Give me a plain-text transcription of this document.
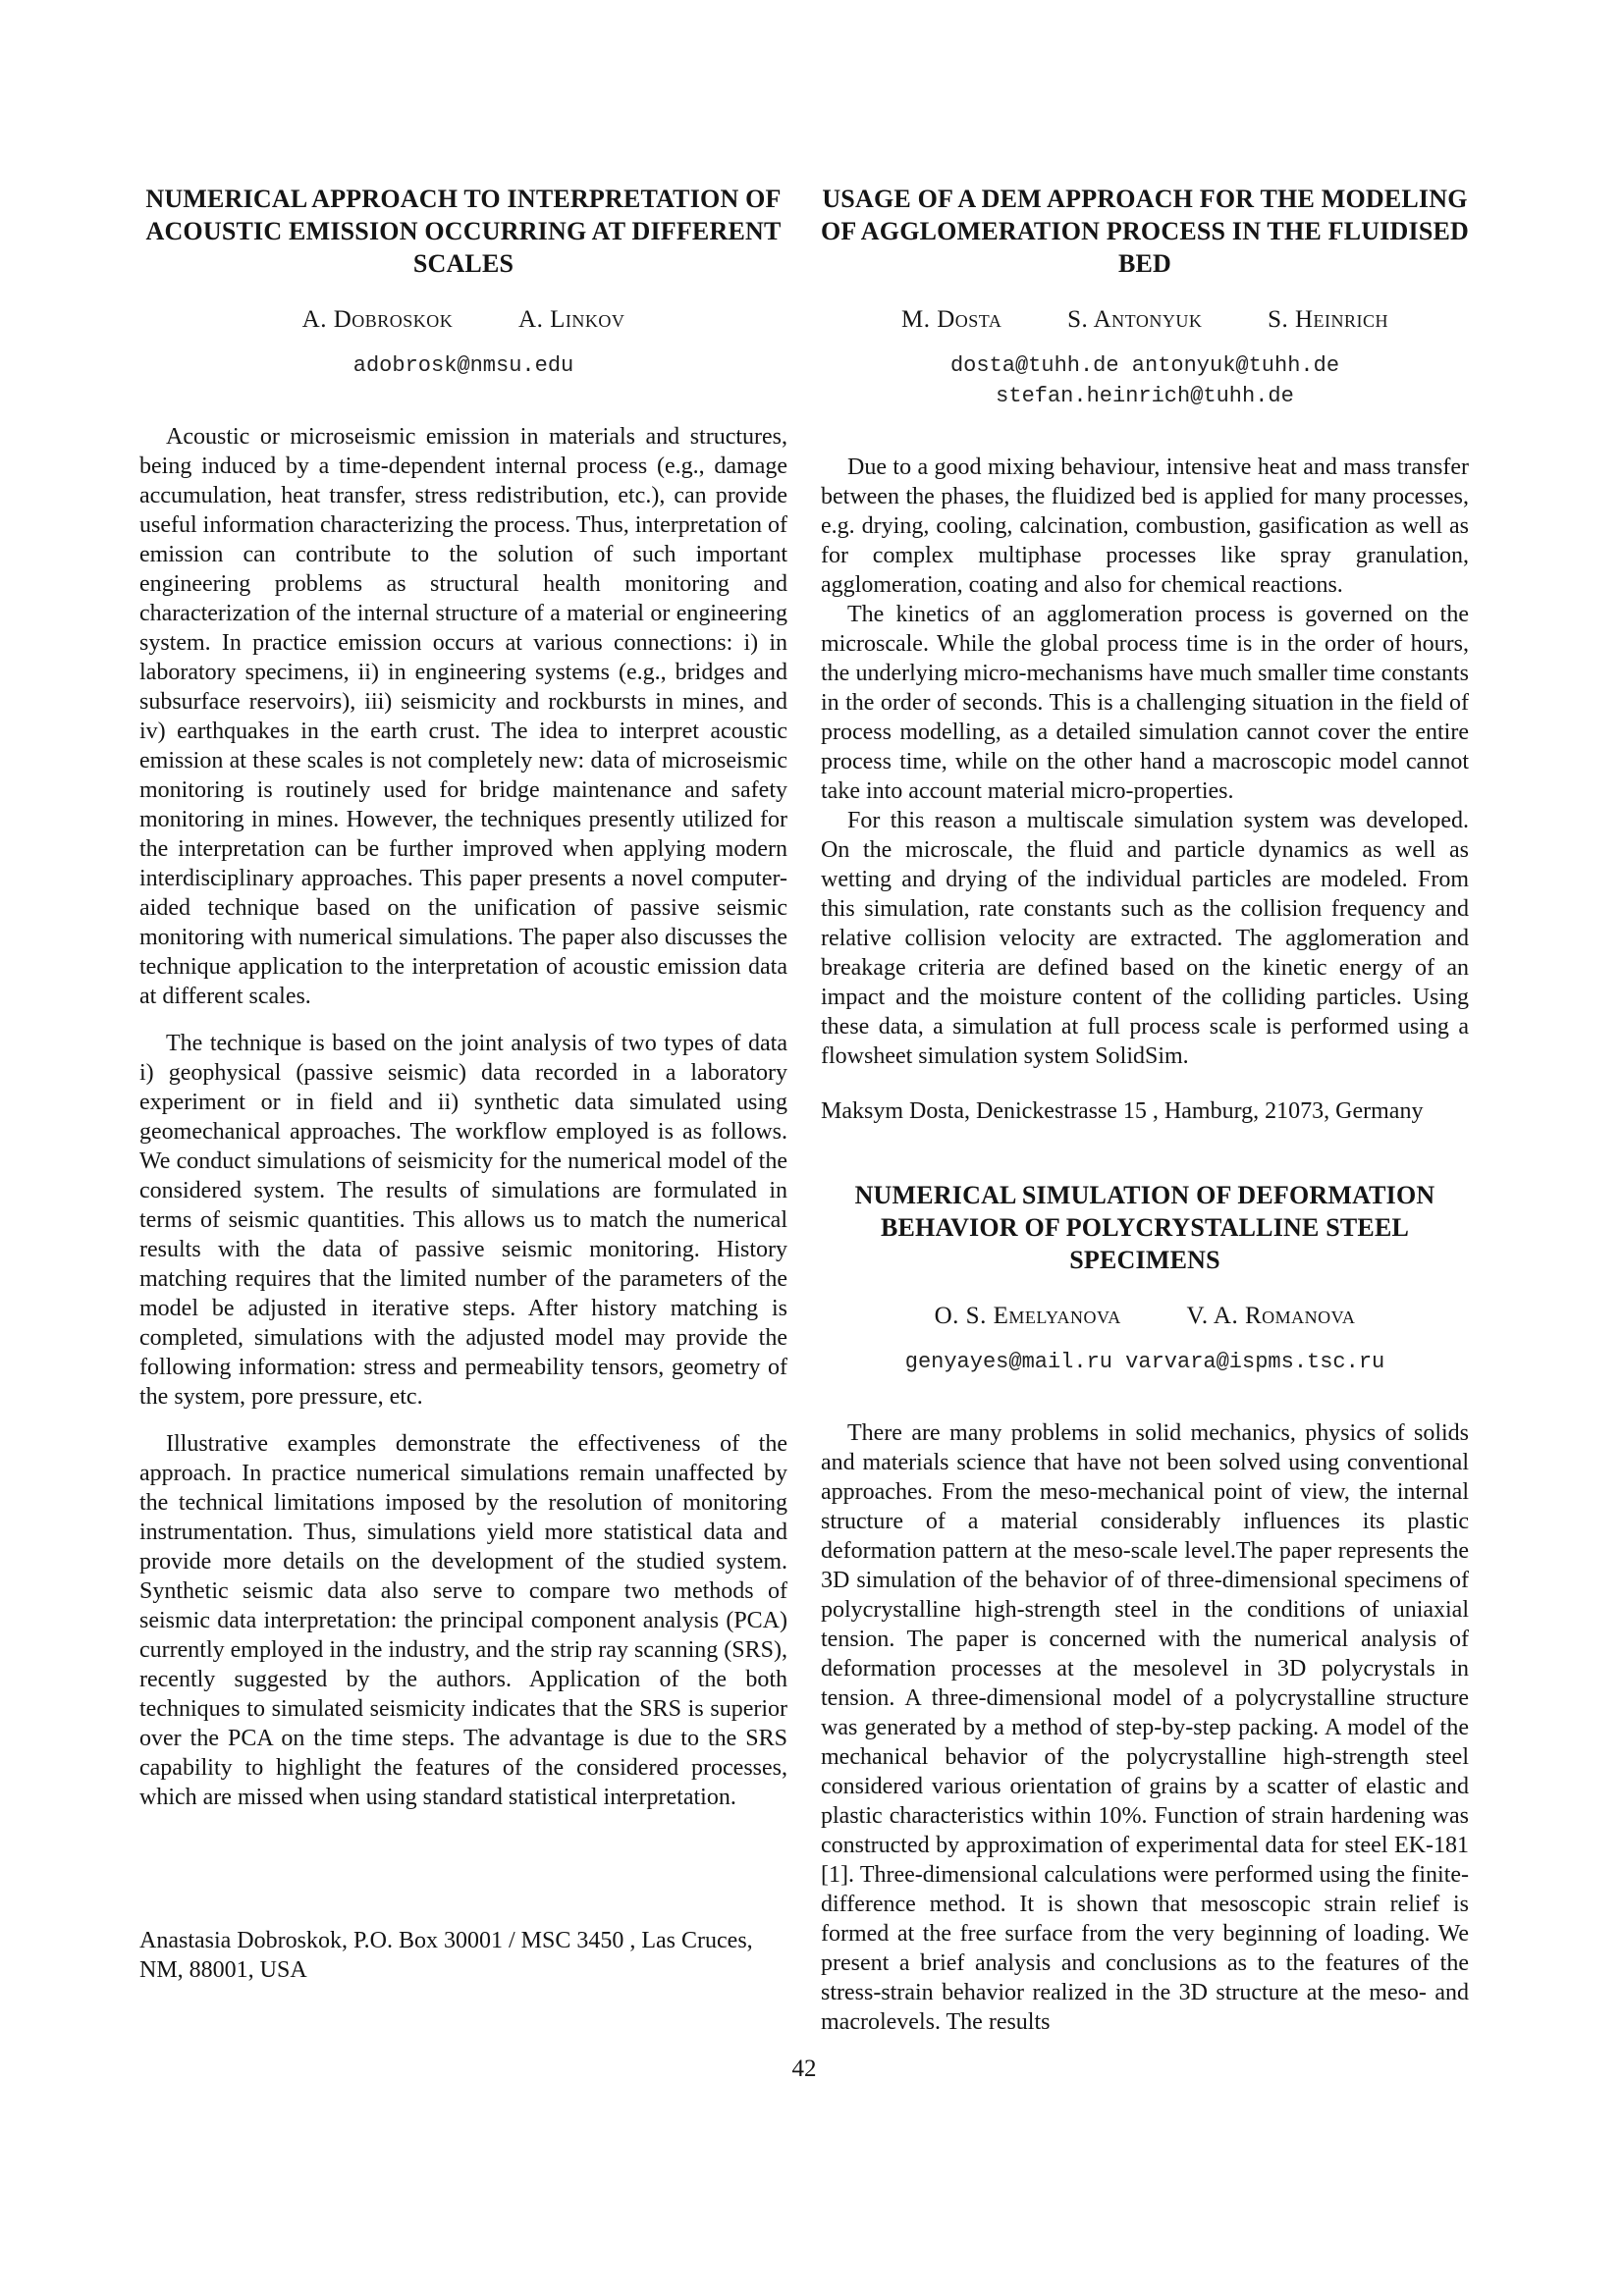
NUMERICAL APPROACH TO INTERPRETATION OF ACOUSTIC EMISSION OCCURRING AT DIFFERENT SCALES
A. Dobroskok	A. Linkov
adobrosk@nmsu.edu

Acoustic or microseismic emission in materials and structures, being induced by a time-dependent internal process (e.g., damage accumulation, heat transfer, stress redistribution, etc.), can provide useful information characterizing the process. Thus, interpretation of emission can contribute to the solution of such important engineering problems as structural health monitoring and characterization of the internal structure of a material or engineering system. In practice emission occurs at various connections: i) in laboratory specimens, ii) in engineering systems (e.g., bridges and subsurface reservoirs), iii) seismicity and rockbursts in mines, and iv) earthquakes in the earth crust. The idea to interpret acoustic emission at these scales is not completely new: data of microseismic monitoring is routinely used for bridge maintenance and safety monitoring in mines. However, the techniques presently utilized for the interpretation can be further improved when applying modern interdisciplinary approaches. This paper presents a novel computer-aided technique based on the unification of passive seismic monitoring with numerical simulations. The paper also discusses the technique application to the interpretation of acoustic emission data at different scales.

The technique is based on the joint analysis of two types of data i) geophysical (passive seismic) data recorded in a laboratory experiment or in field and ii) synthetic data simulated using geomechanical approaches. The workflow employed is as follows. We conduct simulations of seismicity for the numerical model of the considered system. The results of simulations are formulated in terms of seismic quantities. This allows us to match the numerical results with the data of passive seismic monitoring. History matching requires that the limited number of the parameters of the model be adjusted in iterative steps. After history matching is completed, simulations with the adjusted model may provide the following information: stress and permeability tensors, geometry of the system, pore pressure, etc.

Illustrative examples demonstrate the effectiveness of the approach. In practice numerical simulations remain unaffected by the technical limitations imposed by the resolution of monitoring instrumentation. Thus, simulations yield more statistical data and provide more details on the development of the studied system. Synthetic seismic data also serve to compare two methods of seismic data interpretation: the principal component analysis (PCA) currently employed in the industry, and the strip ray scanning (SRS), recently suggested by the authors. Application of the both techniques to simulated seismicity indicates that the SRS is superior over the PCA on the time steps. The advantage is due to the SRS capability to highlight the features of the considered processes, which are missed when using standard statistical interpretation.

Anastasia Dobroskok, P.O. Box 30001 / MSC 3450 , Las Cruces, NM, 88001, USA
USAGE OF A DEM APPROACH FOR THE MODELING OF AGGLOMERATION PROCESS IN THE FLUIDISED BED
M. Dosta	S. Antonyuk	S. Heinrich
dosta@tuhh.de antonyuk@tuhh.de
stefan.heinrich@tuhh.de

Due to a good mixing behaviour, intensive heat and mass transfer between the phases, the fluidized bed is applied for many processes, e.g. drying, cooling, calcination, combustion, gasification as well as for complex multiphase processes like spray granulation, agglomeration, coating and also for chemical reactions.

The kinetics of an agglomeration process is governed on the microscale. While the global process time is in the order of hours, the underlying micro-mechanisms have much smaller time constants in the order of seconds. This is a challenging situation in the field of process modelling, as a detailed simulation cannot cover the entire process time, while on the other hand a macroscopic model cannot take into account material micro-properties.

For this reason a multiscale simulation system was developed. On the microscale, the fluid and particle dynamics as well as wetting and drying of the individual particles are modeled. From this simulation, rate constants such as the collision frequency and relative collision velocity are extracted. The agglomeration and breakage criteria are defined based on the kinetic energy of an impact and the moisture content of the colliding particles. Using these data, a simulation at full process scale is performed using a flowsheet simulation system SolidSim.

Maksym Dosta, Denickestrasse 15 , Hamburg, 21073, Germany
NUMERICAL SIMULATION OF DEFORMATION BEHAVIOR OF POLYCRYSTALLINE STEEL SPECIMENS
O. S. Emelyanova	V. A. Romanova
genyayes@mail.ru varvara@ispms.tsc.ru

There are many problems in solid mechanics, physics of solids and materials science that have not been solved using conventional approaches. From the meso-mechanical point of view, the internal structure of a material considerably influences its plastic deformation pattern at the meso-scale level.The paper represents the 3D simulation of the behavior of of three-dimensional specimens of polycrystalline high-strength steel in the conditions of uniaxial tension. The paper is concerned with the numerical analysis of deformation processes at the mesolevel in 3D polycrystals in tension. A three-dimensional model of a polycrystalline structure was generated by a method of step-by-step packing. A model of the mechanical behavior of the polycrystalline high-strength steel considered various orientation of grains by a scatter of elastic and plastic characteristics within 10%. Function of strain hardening was constructed by approximation of experimental data for steel EK-181 [1]. Three-dimensional calculations were performed using the finite-difference method. It is shown that mesoscopic strain relief is formed at the free surface from the very beginning of loading. We present a brief analysis and conclusions as to the features of the stress-strain behavior realized in the 3D structure at the meso- and macrolevels. The results

42
